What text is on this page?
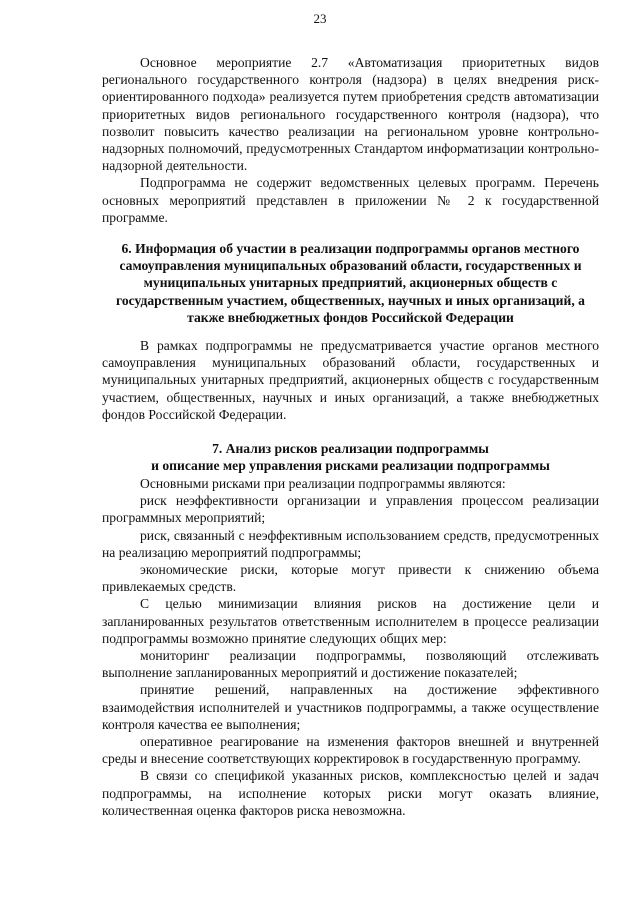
23

Основное мероприятие 2.7 «Автоматизация приоритетных видов регионального государственного контроля (надзора) в целях внедрения риск-ориентированного подхода» реализуется путем приобретения средств автоматизации приоритетных видов регионального государственного контроля (надзора), что позволит повысить качество реализации на региональном уровне контрольно-надзорных полномочий, предусмотренных Стандартом информатизации контрольно-надзорной деятельности.

Подпрограмма не содержит ведомственных целевых программ. Перечень основных мероприятий представлен в приложении № 2 к государственной программе.

6. Информация об участии в реализации подпрограммы органов местного самоуправления муниципальных образований области, государственных и муниципальных унитарных предприятий, акционерных обществ с государственным участием, общественных, научных и иных организаций, а также внебюджетных фондов Российской Федерации

В рамках подпрограммы не предусматривается участие органов местного самоуправления муниципальных образований области, государственных и муниципальных унитарных предприятий, акционерных обществ с государственным участием, общественных, научных и иных организаций, а также внебюджетных фондов Российской Федерации.

7. Анализ рисков реализации подпрограммы
и описание мер управления рисками реализации подпрограммы

Основными рисками при реализации подпрограммы являются:

риск неэффективности организации и управления процессом реализации программных мероприятий;

риск, связанный с неэффективным использованием средств, предусмотренных на реализацию мероприятий подпрограммы;

экономические риски, которые могут привести к снижению объема привлекаемых средств.

С целью минимизации влияния рисков на достижение цели и запланированных результатов ответственным исполнителем в процессе реализации подпрограммы возможно принятие следующих общих мер:

мониторинг реализации подпрограммы, позволяющий отслеживать выполнение запланированных мероприятий и достижение показателей;

принятие решений, направленных на достижение эффективного взаимодействия исполнителей и участников подпрограммы, а также осуществление контроля качества ее выполнения;

оперативное реагирование на изменения факторов внешней и внутренней среды и внесение соответствующих корректировок в государственную программу.

В связи со спецификой указанных рисков, комплексностью целей и задач подпрограммы, на исполнение которых риски могут оказать влияние, количественная оценка факторов риска невозможна.
